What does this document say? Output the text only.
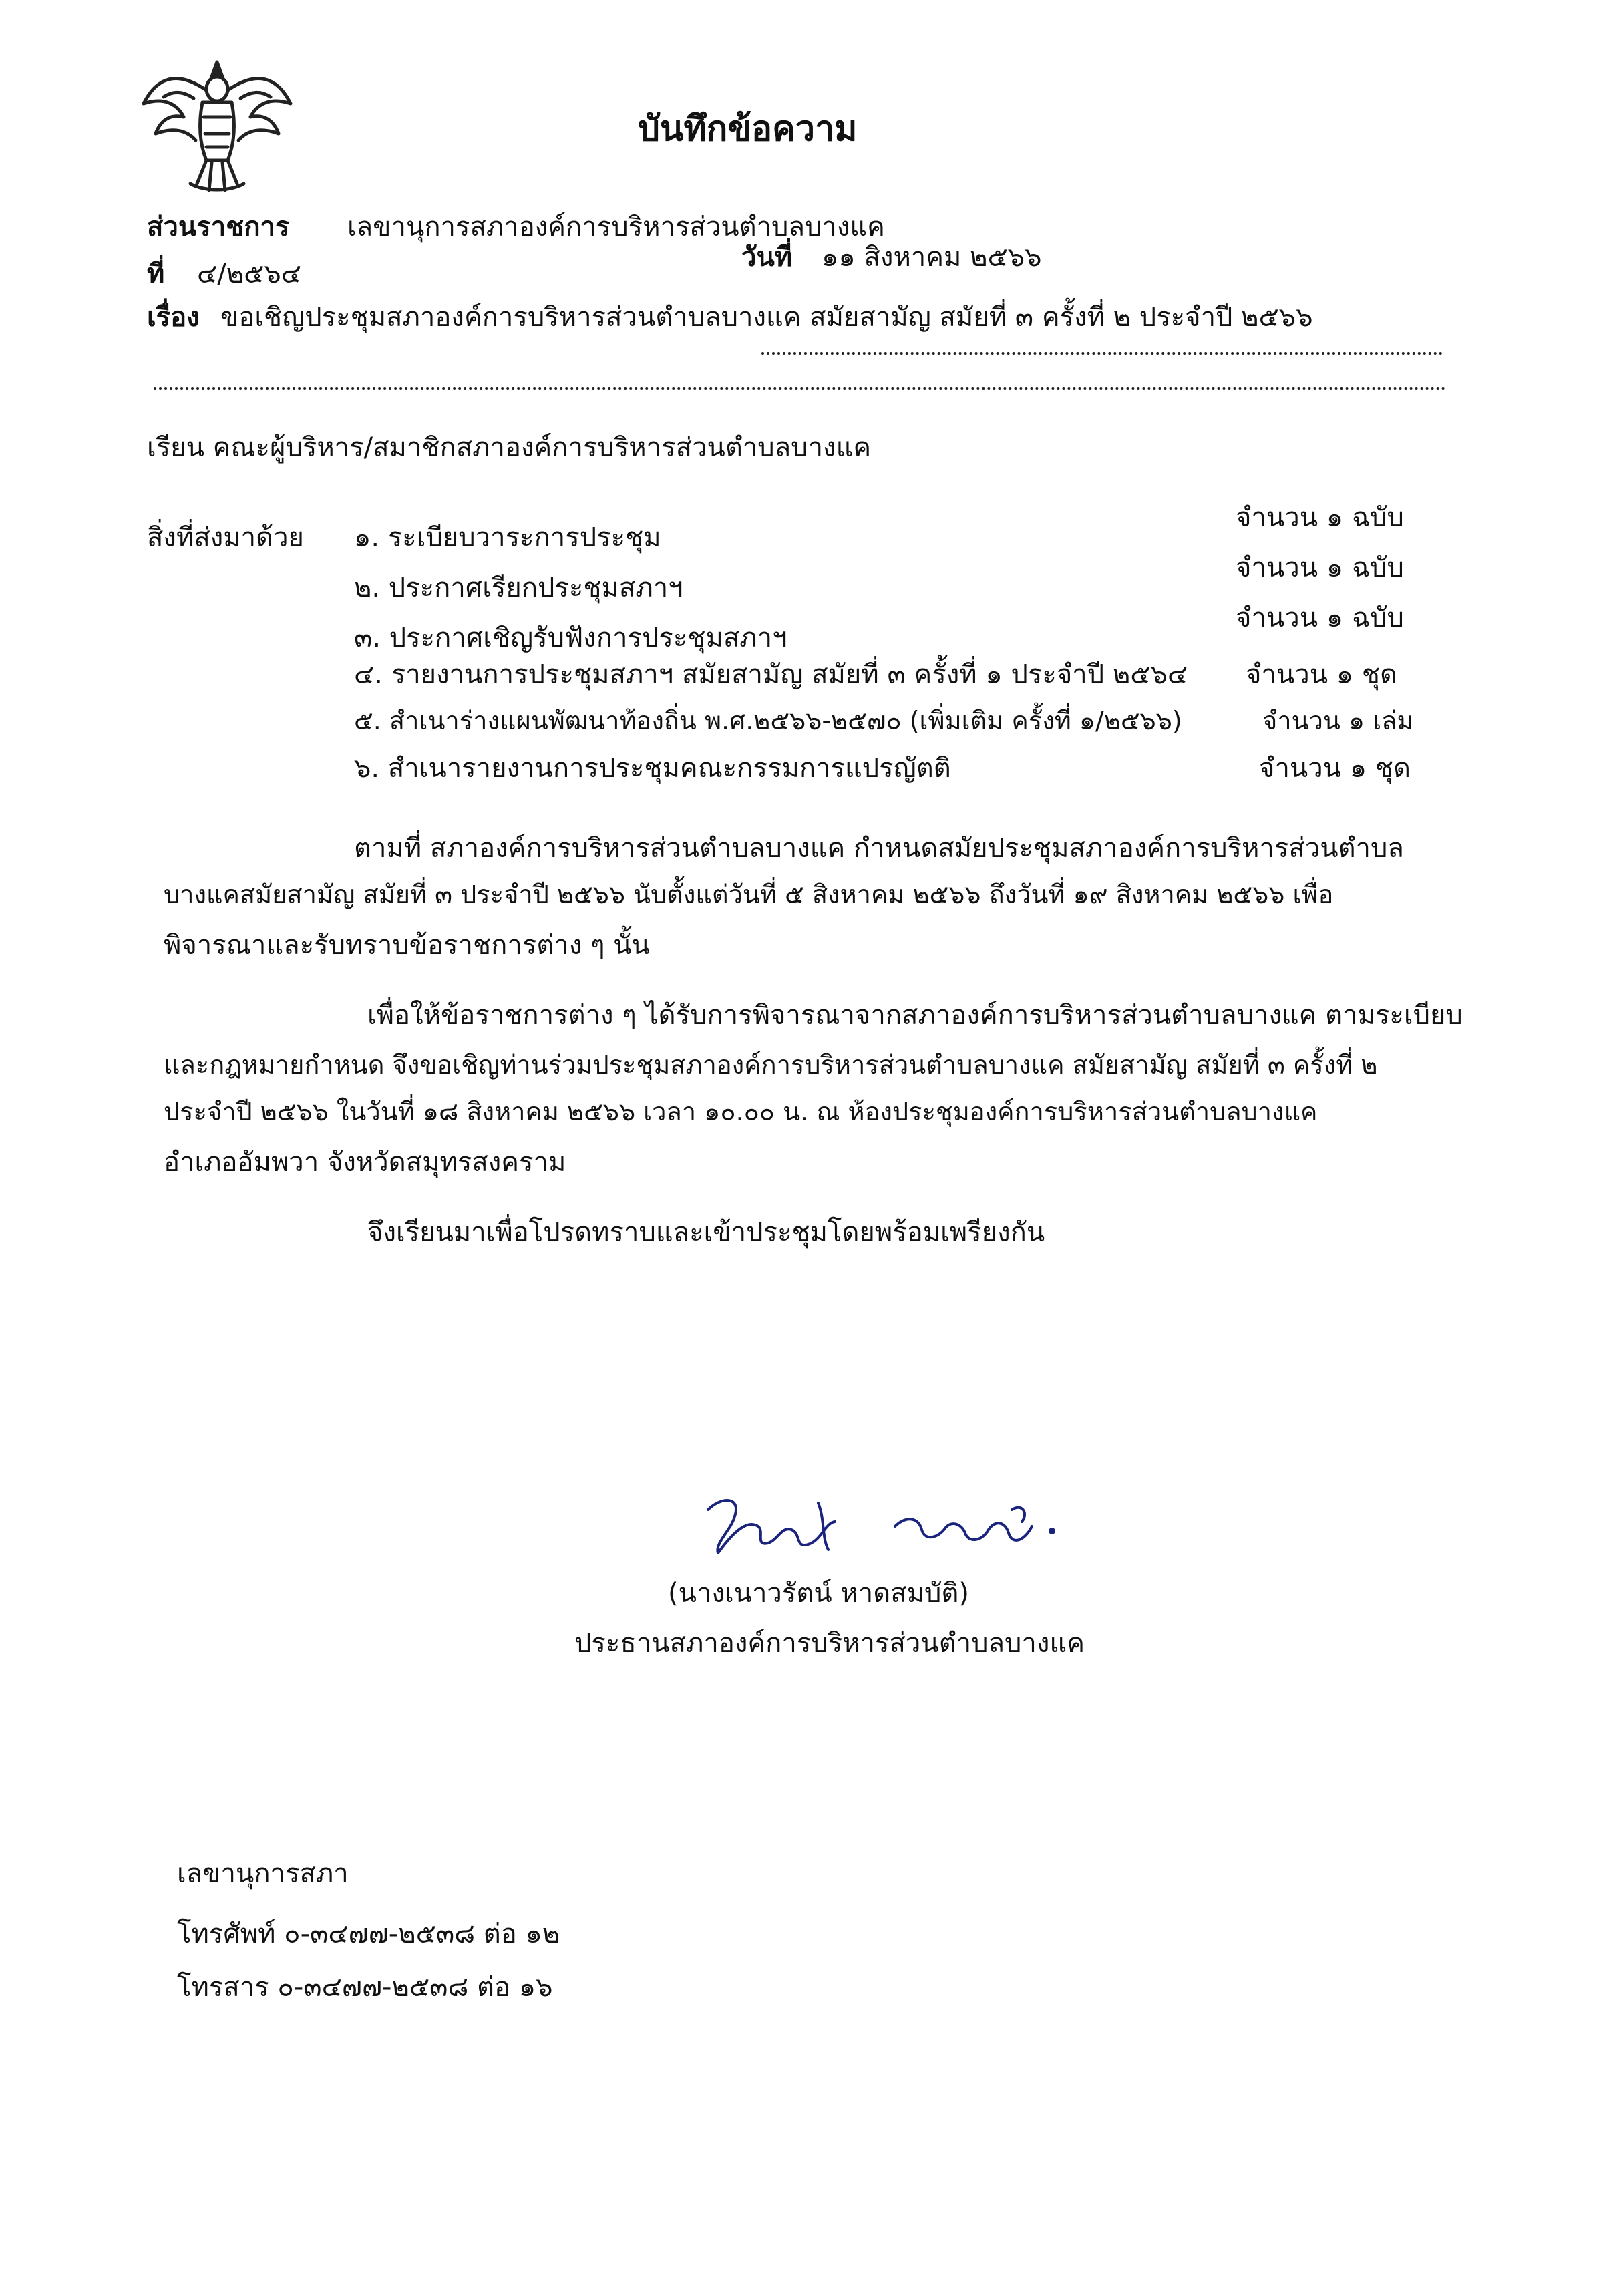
บันทึกข้อความ
ส่วนราชการ เลขานุการสภาองค์การบริหารส่วนตำบลบางแค
ที่ ๔/๒๕๖๔
วันที่ ๑๑ สิงหาคม ๒๕๖๖
เรื่อง ขอเชิญประชุมสภาองค์การบริหารส่วนตำบลบางแค สมัยสามัญ สมัยที่ ๓ ครั้งที่ ๒ ประจำปี ๒๕๖๖
เรียน คณะผู้บริหาร/สมาชิกสภาองค์การบริหารส่วนตำบลบางแค
สิ่งที่ส่งมาด้วย ๑. ระเบียบวาระการประชุม
จำนวน ๑ ฉบับ
๒. ประกาศเรียกประชุมสภาฯ
จำนวน ๑ ฉบับ
๓. ประกาศเชิญรับฟังการประชุมสภาฯ
จำนวน ๑ ฉบับ
๔. รายงานการประชุมสภาฯ สมัยสามัญ สมัยที่ ๓ ครั้งที่ ๑ ประจำปี ๒๕๖๔ จำนวน ๑ ชุด
๕. สำเนาร่างแผนพัฒนาท้องถิ่น พ.ศ.๒๕๖๖-๒๕๗๐ (เพิ่มเติม ครั้งที่ ๑/๒๕๖๖)	จำนวน ๑ เล่ม
๖. สำเนารายงานการประชุมคณะกรรมการแปรญัตติ	จำนวน ๑ ชุด
ตามที่ สภาองค์การบริหารส่วนตำบลบางแค กำหนดสมัยประชุมสภาองค์การบริหารส่วนตำบล
บางแคสมัยสามัญ สมัยที่ ๓ ประจำปี ๒๕๖๖ นับตั้งแต่วันที่ ๕ สิงหาคม ๒๕๖๖ ถึงวันที่ ๑๙ สิงหาคม ๒๕๖๖ เพื่อ
พิจารณาและรับทราบข้อราชการต่าง ๆ นั้น
เพื่อให้ข้อราชการต่าง ๆ ได้รับการพิจารณาจากสภาองค์การบริหารส่วนตำบลบางแค ตามระเบียบ
และกฎหมายกำหนด จึงขอเชิญท่านร่วมประชุมสภาองค์การบริหารส่วนตำบลบางแค สมัยสามัญ สมัยที่ ๓ ครั้งที่ ๒
ประจำปี ๒๕๖๖ ในวันที่ ๑๘ สิงหาคม ๒๕๖๖ เวลา ๑๐.๐๐ น. ณ ห้องประชุมองค์การบริหารส่วนตำบลบางแค
อำเภออัมพวา จังหวัดสมุทรสงคราม
จึงเรียนมาเพื่อโปรดทราบและเข้าประชุมโดยพร้อมเพรียงกัน
(นางเนาวรัตน์ หาดสมบัติ)
ประธานสภาองค์การบริหารส่วนตำบลบางแค
เลขานุการสภา
โทรศัพท์ ๐-๓๔๗๗-๒๕๓๘ ต่อ ๑๒
โทรสาร ๐-๓๔๗๗-๒๕๓๘ ต่อ ๑๖
